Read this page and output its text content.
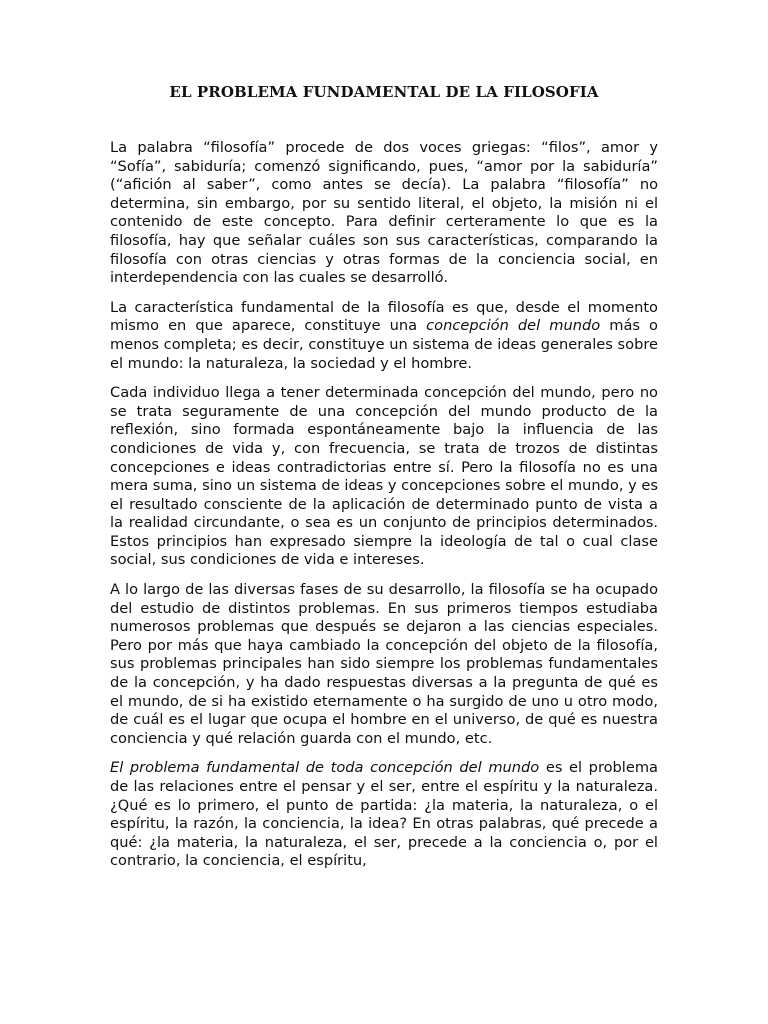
EL PROBLEMA FUNDAMENTAL DE LA FILOSOFIA

La palabra “filosofía” procede de dos voces griegas: “filos”, amor y “Sofía”, sabiduría; comenzó significando, pues, “amor por la sabiduría” (“afición al saber”, como antes se decía). La palabra “filosofía” no determina, sin embargo, por su sentido literal, el objeto, la misión ni el contenido de este concepto. Para definir certeramente lo que es la filosofía, hay que señalar cuáles son sus características, comparando la filosofía con otras ciencias y otras formas de la conciencia social, en interdependencia con las cuales se desarrolló.

La característica fundamental de la filosofía es que, desde el momento mismo en que aparece, constituye una concepción del mundo más o menos completa; es decir, constituye un sistema de ideas generales sobre el mundo: la naturaleza, la sociedad y el hombre.

Cada individuo llega a tener determinada concepción del mundo, pero no se trata seguramente de una concepción del mundo producto de la reflexión, sino formada espontáneamente bajo la influencia de las condiciones de vida y, con frecuencia, se trata de trozos de distintas concepciones e ideas contradictorias entre sí. Pero la filosofía no es una mera suma, sino un sistema de ideas y concepciones sobre el mundo, y es el resultado consciente de la aplicación de determinado punto de vista a la realidad circundante, o sea es un conjunto de principios determinados. Estos principios han expresado siempre la ideología de tal o cual clase social, sus condiciones de vida e intereses.

A lo largo de las diversas fases de su desarrollo, la filosofía se ha ocupado del estudio de distintos problemas. En sus primeros tiempos estudiaba numerosos problemas que después se dejaron a las ciencias especiales. Pero por más que haya cambiado la concepción del objeto de la filosofía, sus problemas principales han sido siempre los problemas fundamentales de la concepción, y ha dado respuestas diversas a la pregunta de qué es el mundo, de si ha existido eternamente o ha surgido de uno u otro modo, de cuál es el lugar que ocupa el hombre en el universo, de qué es nuestra conciencia y qué relación guarda con el mundo, etc.

El problema fundamental de toda concepción del mundo es el problema de las relaciones entre el pensar y el ser, entre el espíritu y la naturaleza. ¿Qué es lo primero, el punto de partida: ¿la materia, la naturaleza, o el espíritu, la razón, la conciencia, la idea? En otras palabras, qué precede a qué: ¿la materia, la naturaleza, el ser, precede a la conciencia o, por el contrario, la conciencia, el espíritu,
